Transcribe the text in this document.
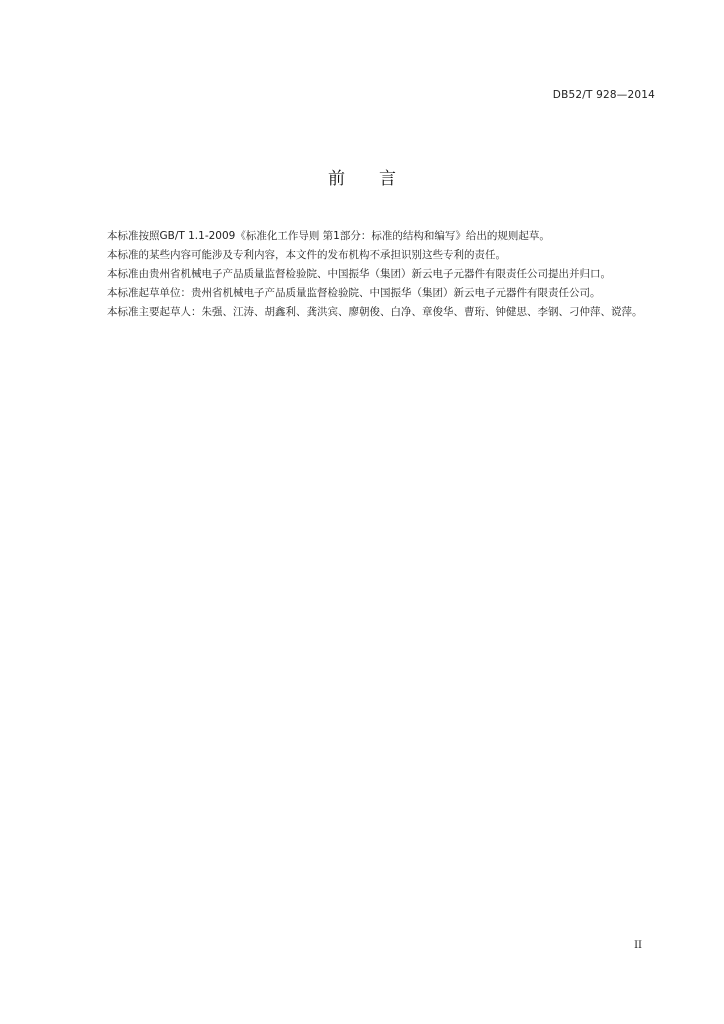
DB52/T 928—2014
前 言

本标准按照GB/T 1.1-2009《标准化工作导则 第1部分：标准的结构和编写》给出的规则起草。

本标准的某些内容可能涉及专利内容，本文件的发布机构不承担识别这些专利的责任。

本标准由贵州省机械电子产品质量监督检验院、中国振华（集团）新云电子元器件有限责任公司提出并归口。

本标准起草单位：贵州省机械电子产品质量监督检验院、中国振华（集团）新云电子元器件有限责任公司。

本标准主要起草人：朱强、江涛、胡鑫利、龚洪宾、廖朝俊、白净、章俊华、曹珩、钟健思、李钢、刁仲萍、谠萍。

II
